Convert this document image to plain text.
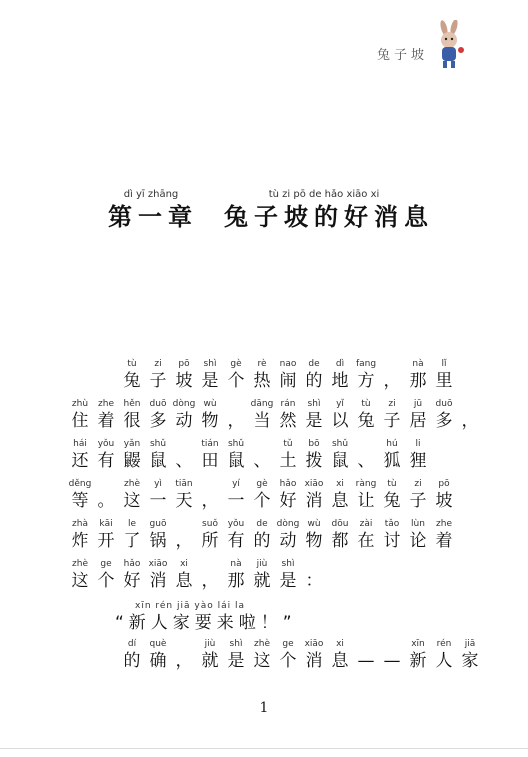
兔子坡
dì yī zhāng
第一章
tù zi pō de hǎo xiāo xi
兔子坡的好消息
tù
兔
zi
子
pō
坡
shì
是
gè
个
rè
热
nao
闹
de
的
dì
地
fang
方 ，
nà
那
lǐ
里
zhù
住
zhe
着
hěn
很
duō
多
dòng
动
wù
物 ，
dāng
当
rán
然
shì
是
yǐ
以
tù
兔
zi
子
jū
居
duō
多 ，
hái
还
yǒu
有
yǎn
鼹
shǔ
鼠 、
tián
田
shǔ
鼠 、
tǔ
土
bō
拨
shǔ
鼠 、
hú
狐
li
狸
děng
等 。
zhè
这
yì
一
tiān
天 ，
yí
一
gè
个
hǎo
好
xiāo
消
xi
息
ràng
让
tù
兔
zi
子
pō
坡
zhà
炸
kāi
开
le
了
guō
锅 ，
suǒ
所
yǒu
有
de
的
dòng
动
wù
物
dōu
都
zài
在
tǎo
讨
lùn
论
zhe
着
zhè
这
ge
个
hǎo
好
xiāo
消
xi
息 ，
nà
那
jiù
就
shì
是 ：
xīn rén jiā yào lái la
“新人家要来啦！”
dí
的
què
确 ，
jiù
就
shì
是
zhè
这
ge
个
xiāo
消
xi
息 — —
xīn
新
rén
人
jiā
家
1
